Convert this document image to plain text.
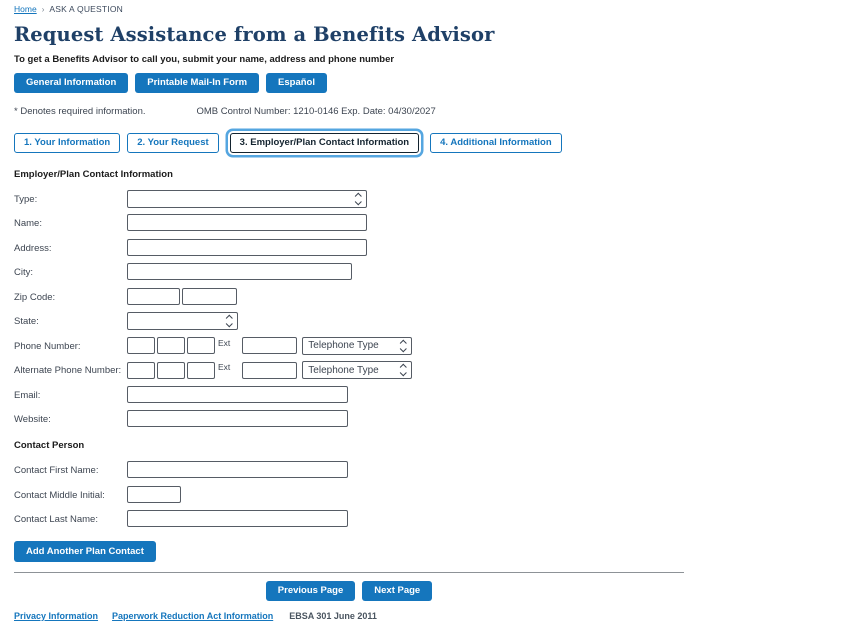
Home › ASK A QUESTION
Request Assistance from a Benefits Advisor
To get a Benefits Advisor to call you, submit your name, address and phone number
General Information	Printable Mail-In Form	Español
* Denotes required information.	OMB Control Number: 1210-0146 Exp. Date: 04/30/2027
1. Your Information	2. Your Request	3. Employer/Plan Contact Information	4. Additional Information
Employer/Plan Contact Information
Type:
Name:
Address:
City:
Zip Code:
State:
Phone Number:	Ext	Telephone Type
Alternate Phone Number:	Ext	Telephone Type
Email:
Website:
Contact Person
Contact First Name:
Contact Middle Initial:
Contact Last Name:
Add Another Plan Contact
Previous Page	Next Page
Privacy Information Paperwork Reduction Act Information EBSA 301 June 2011
